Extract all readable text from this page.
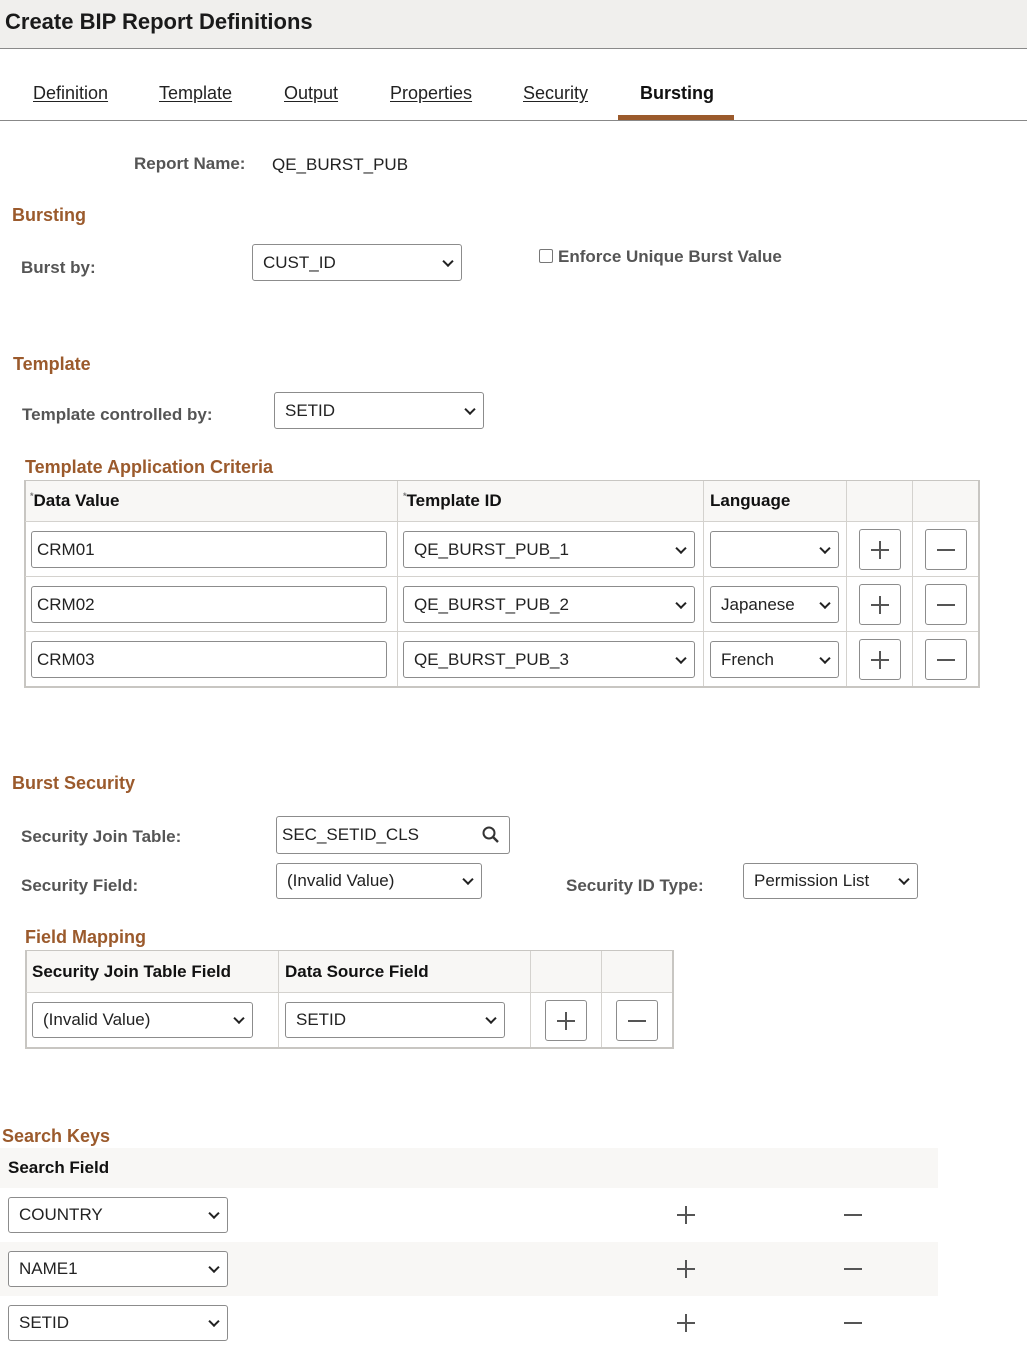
Create BIP Report Definitions
Definition	Template	Output	Properties	Security	Bursting
Report Name: QE_BURST_PUB
Bursting
Burst by:	CUST_ID	Enforce Unique Burst Value
Template
Template controlled by:	SETID
Template Application Criteria
*Data Value	*Template ID	Language
CRM01	QE_BURST_PUB_1
CRM02	QE_BURST_PUB_2	Japanese
CRM03	QE_BURST_PUB_3	French
Burst Security
Security Join Table:	SEC_SETID_CLS
Security Field:	(Invalid Value)	Security ID Type:	Permission List
Field Mapping
Security Join Table Field	Data Source Field
(Invalid Value)	SETID
Search Keys
Search Field
COUNTRY
NAME1
SETID
